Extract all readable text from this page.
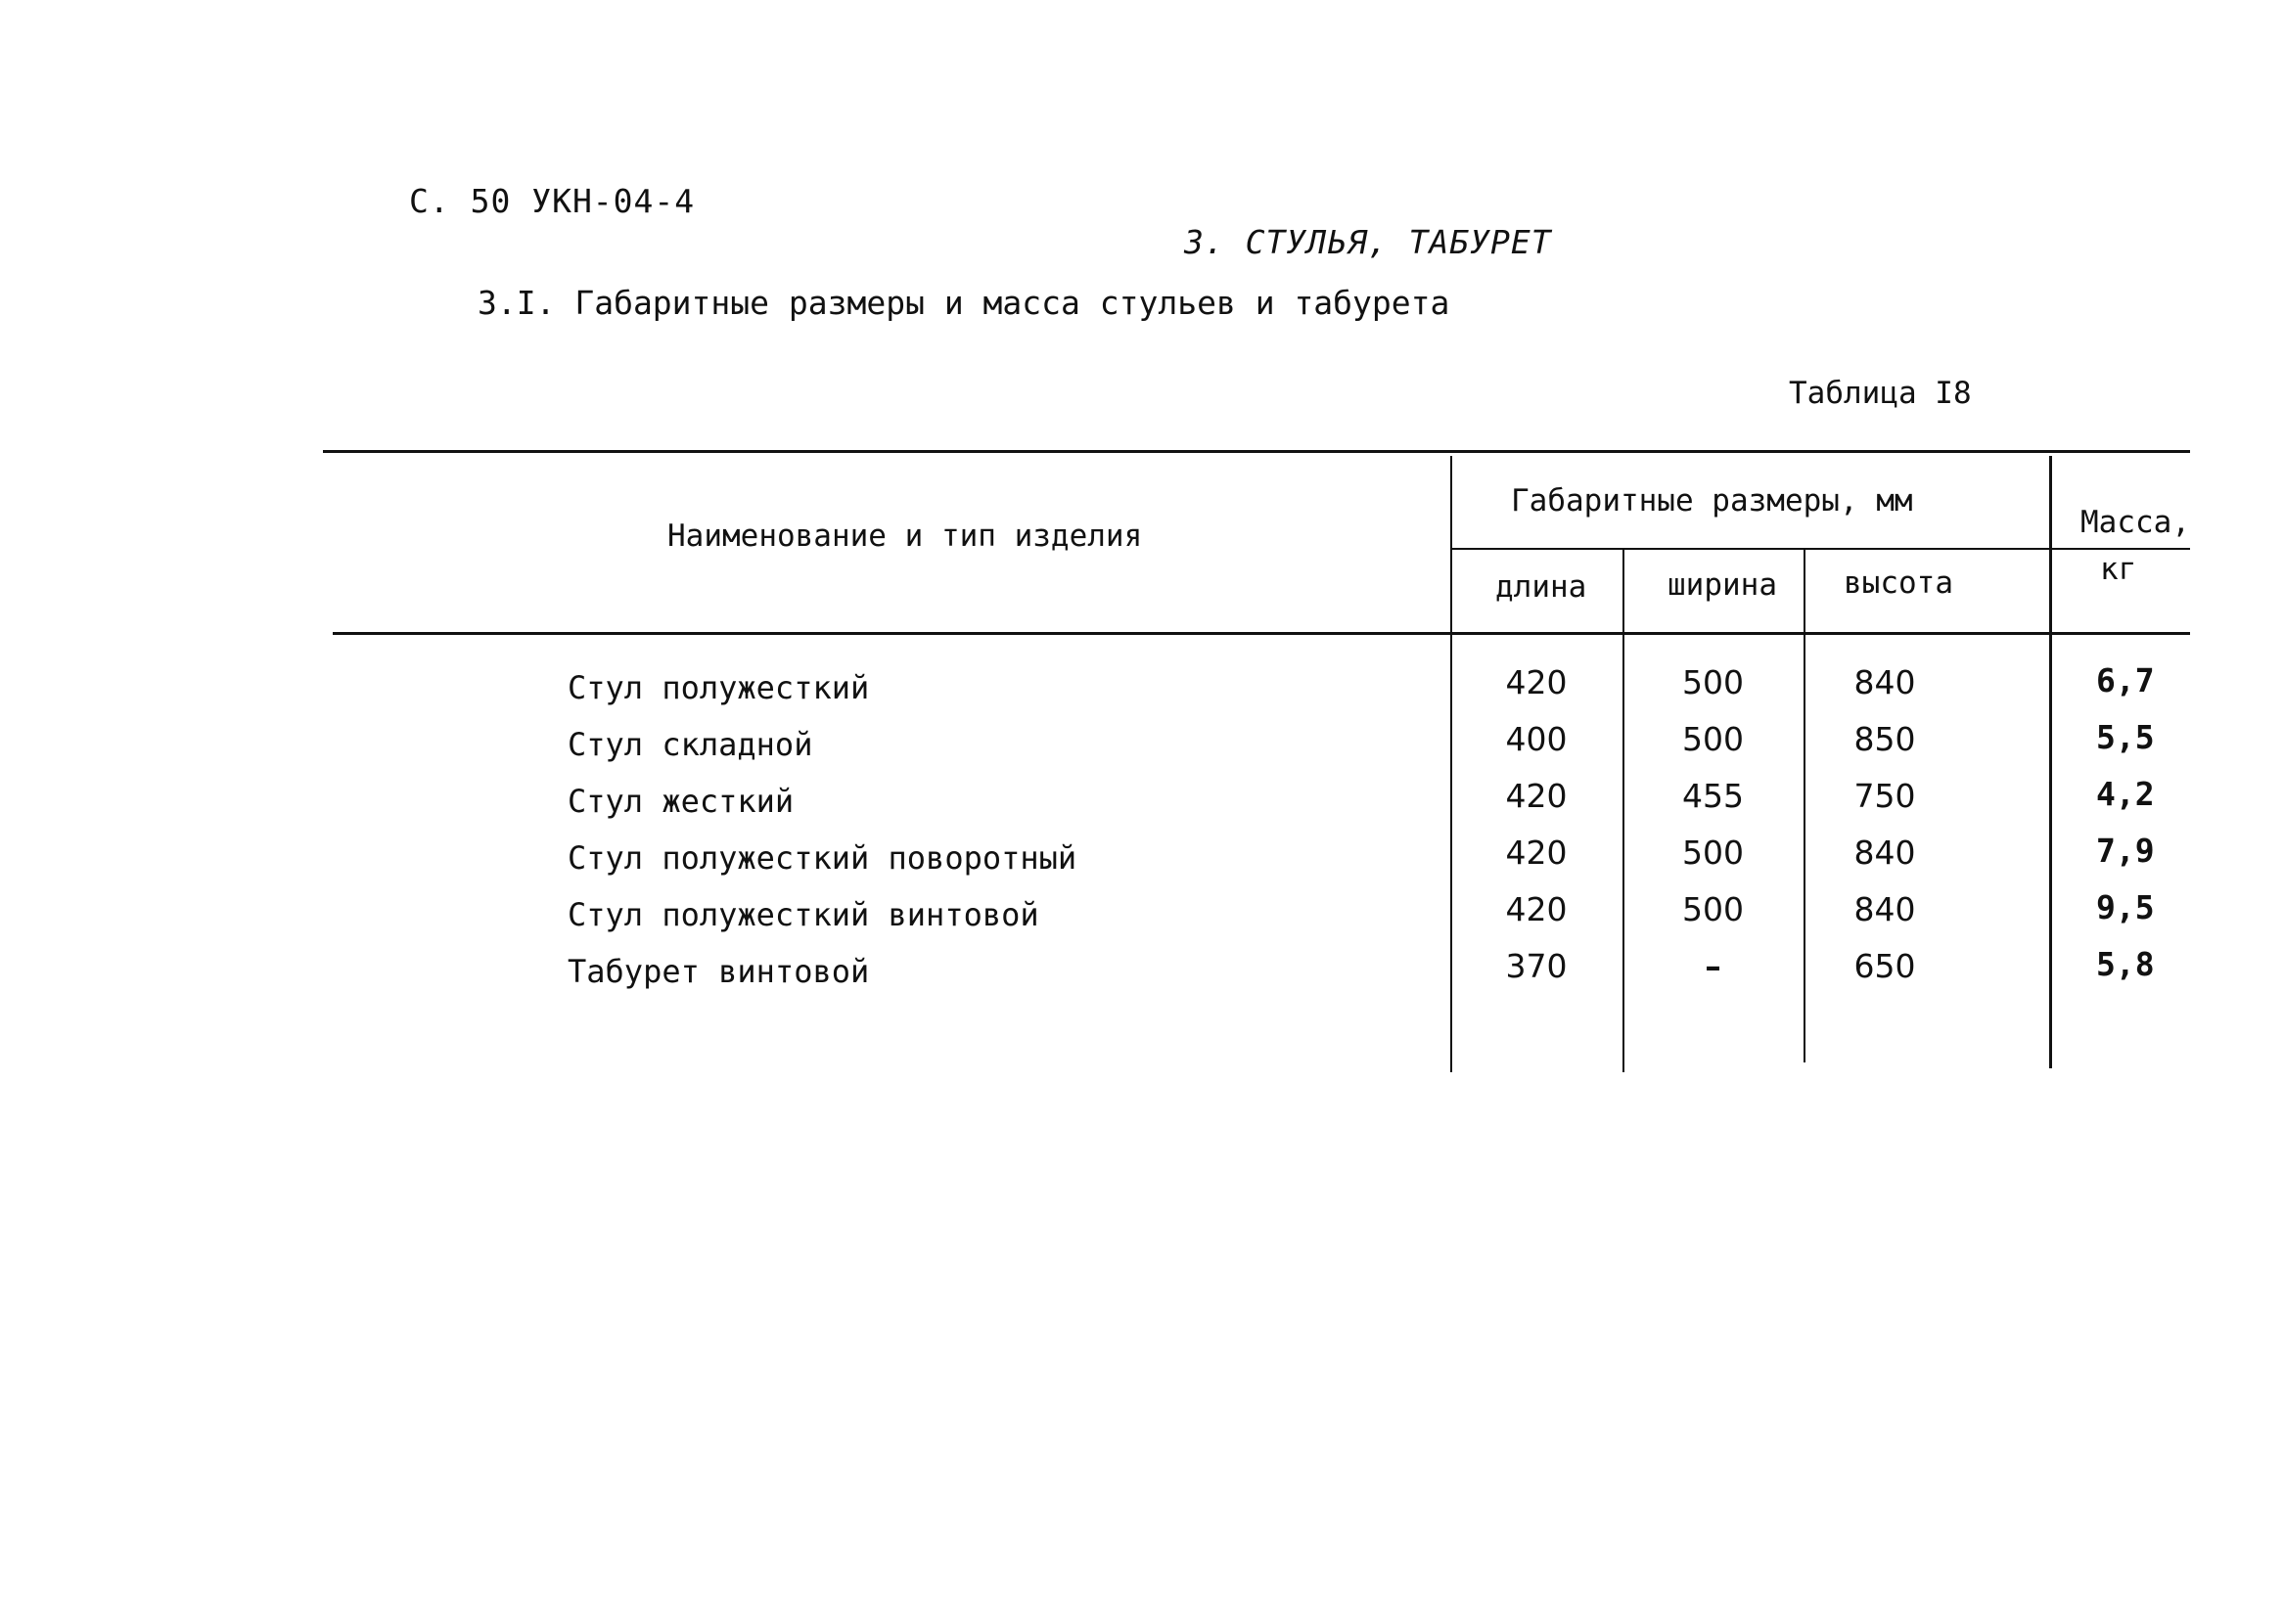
С. 50 УКН-04-4
3. СТУЛЬЯ, ТАБУРЕТ
3.I. Габаритные размеры и масса стульев и табурета
Таблица I8
Наименование и тип изделия
Габаритные размеры, мм
длина	ширина высота
Масса,
кг
Стул полужесткий	420	500	840	6,7
Стул складной	400	500	850	5,5
Стул жесткий	420	455	750	4,2
Стул полужесткий поворотный	420	500	840	7,9
Стул полужесткий винтовой	420	500	840	9,5
Табурет винтовой	370	–	650	5,8
